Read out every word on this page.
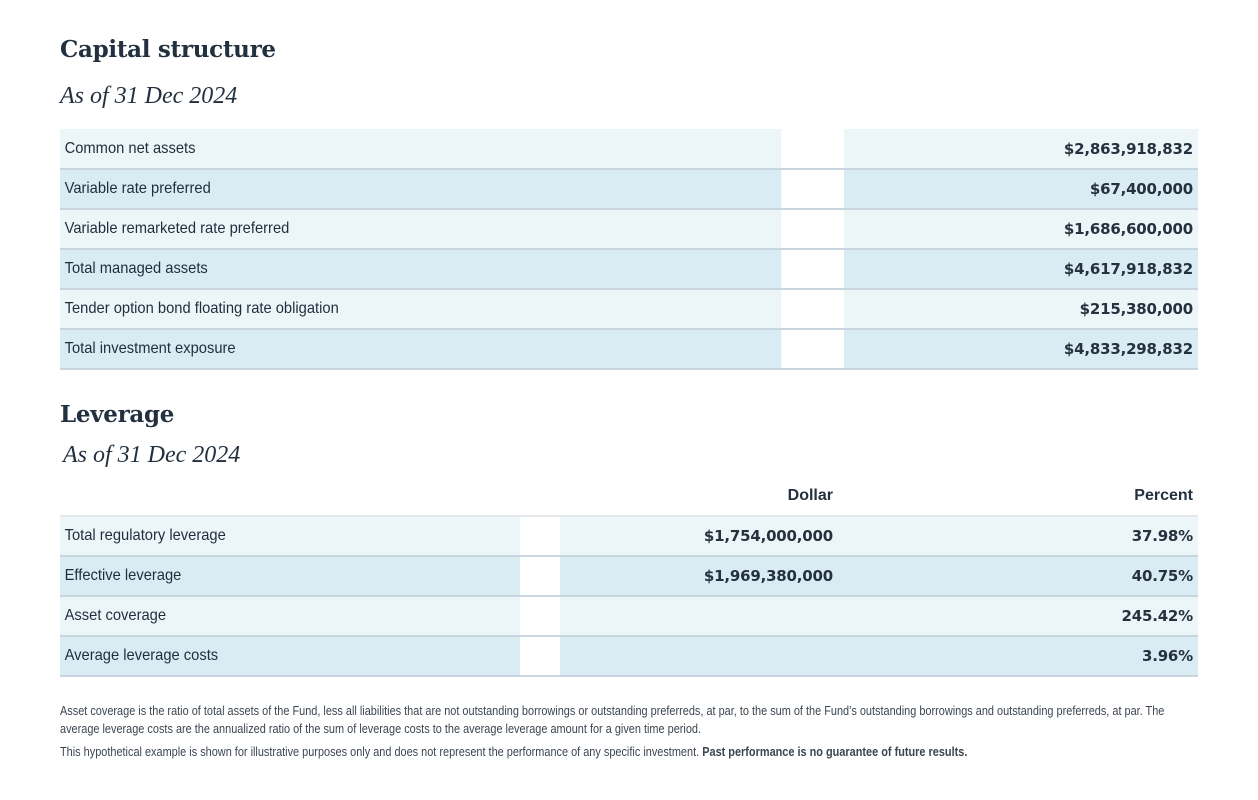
Capital structure
As of 31 Dec 2024
Common net assets	$2,863,918,832
Variable rate preferred	$67,400,000
Variable remarketed rate preferred	$1,686,600,000
Total managed assets	$4,617,918,832
Tender option bond floating rate obligation	$215,380,000
Total investment exposure	$4,833,298,832
Leverage
As of 31 Dec 2024
	Dollar	Percent
Total regulatory leverage	$1,754,000,000	37.98%
Effective leverage	$1,969,380,000	40.75%
Asset coverage		245.42%
Average leverage costs		3.96%

Asset coverage is the ratio of total assets of the Fund, less all liabilities that are not outstanding borrowings or outstanding preferreds, at par, to the sum of the Fund’s outstanding borrowings and outstanding preferreds, at par. The average leverage costs are the annualized ratio of the sum of leverage costs to the average leverage amount for a given time period.

This hypothetical example is shown for illustrative purposes only and does not represent the performance of any specific investment. Past performance is no guarantee of future results.
